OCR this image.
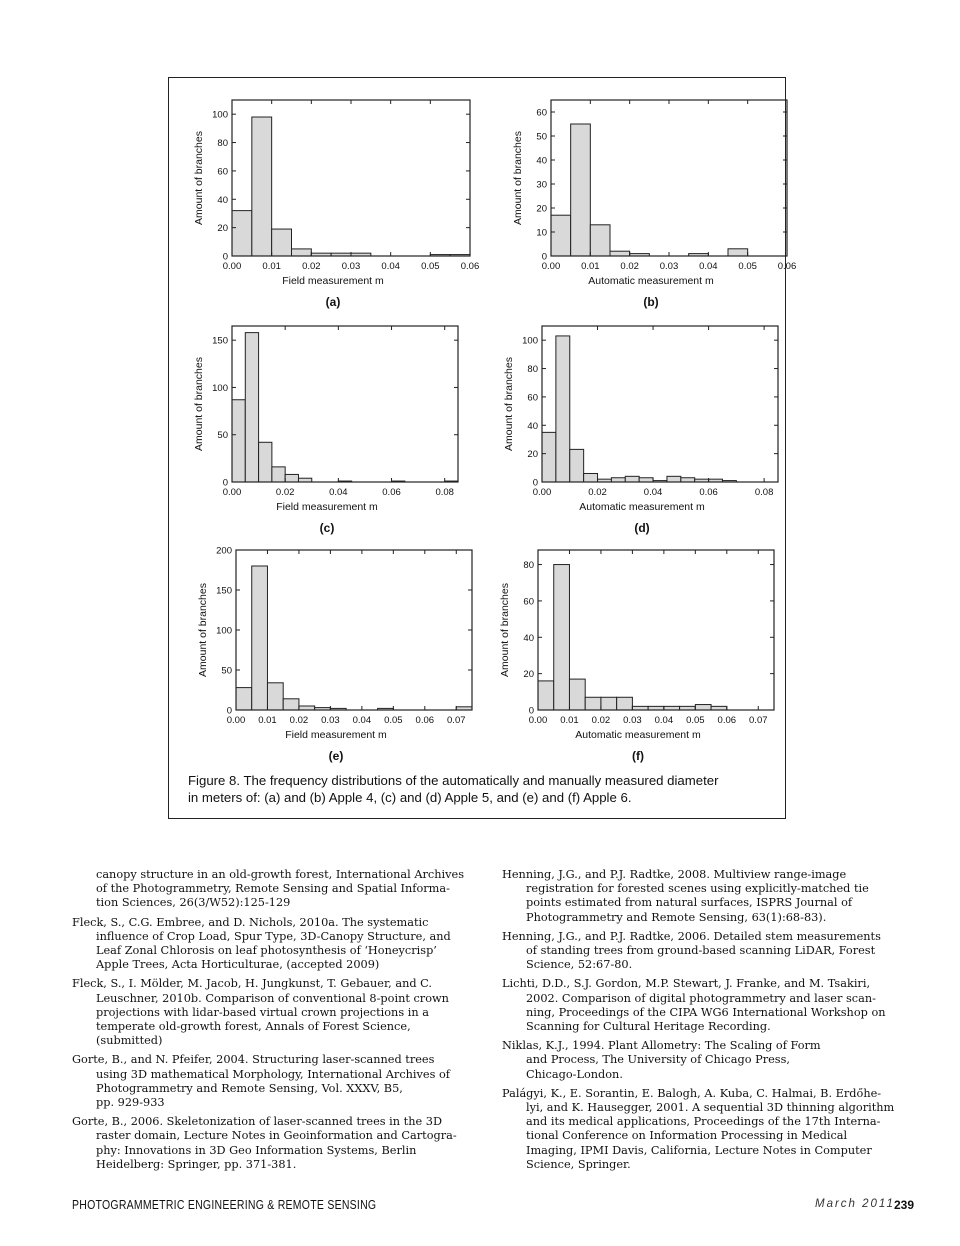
0.00 0.01 0.02 0.03 0.04 0.05 0.06
0
20
40
60
80
100
Field measurement m
Amount of branches
(a)
0.00 0.01 0.02 0.03 0.04 0.05 0.06
0
10
20
30
40
50
60
Automatic measurement m
Amount of branches
(b)
0.00	0.02	0.04	0.06	0.08
0
50
100
150
Field measurement m
Amount of branches
(c)
0.00	0.02	0.04	0.06	0.08
0
20
40
60
80
100
Automatic measurement m
Amount of branches
(d)
0.00 0.01 0.02 0.03 0.04 0.05 0.06 0.07
0
50
100
150
200
Field measurement m
Amount of branches
(e)
0.00 0.01 0.02 0.03 0.04 0.05 0.06 0.07
0
20
40
60
80
Automatic measurement m
Amount of branches
(f)
Figure 8. The frequency distributions of the automatically and manually measured diameter
in meters of: (a) and (b) Apple 4, (c) and (d) Apple 5, and (e) and (f) Apple 6.
canopy structure in an old-growth forest, International Archives
of the Photogrammetry, Remote Sensing and Spatial Informa-
tion Sciences, 26(3/W52):125-129
Fleck, S., C.G. Embree, and D. Nichols, 2010a. The systematic
influence of Crop Load, Spur Type, 3D-Canopy Structure, and
Leaf Zonal Chlorosis on leaf photosynthesis of ‘Honeycrisp’
Apple Trees, Acta Horticulturae, (accepted 2009)
Fleck, S., I. Mölder, M. Jacob, H. Jungkunst, T. Gebauer, and C.
Leuschner, 2010b. Comparison of conventional 8-point crown
projections with lidar-based virtual crown projections in a
temperate old-growth forest, Annals of Forest Science,
(submitted)
Gorte, B., and N. Pfeifer, 2004. Structuring laser-scanned trees
using 3D mathematical Morphology, International Archives of
Photogrammetry and Remote Sensing, Vol. XXXV, B5,
pp. 929-933
Gorte, B., 2006. Skeletonization of laser-scanned trees in the 3D
raster domain, Lecture Notes in Geoinformation and Cartogra-
phy: Innovations in 3D Geo Information Systems, Berlin
Heidelberg: Springer, pp. 371-381.
Henning, J.G., and P.J. Radtke, 2008. Multiview range-image
registration for forested scenes using explicitly-matched tie
points estimated from natural surfaces, ISPRS Journal of
Photogrammetry and Remote Sensing, 63(1):68-83).
Henning, J.G., and P.J. Radtke, 2006. Detailed stem measurements
of standing trees from ground-based scanning LiDAR, Forest
Science, 52:67-80.
Lichti, D.D., S.J. Gordon, M.P. Stewart, J. Franke, and M. Tsakiri,
2002. Comparison of digital photogrammetry and laser scan-
ning, Proceedings of the CIPA WG6 International Workshop on
Scanning for Cultural Heritage Recording.
Niklas, K.J., 1994. Plant Allometry: The Scaling of Form
and Process, The University of Chicago Press,
Chicago-London.
Palágyi, K., E. Sorantin, E. Balogh, A. Kuba, C. Halmai, B. Erdőhe-
lyi, and K. Hausegger, 2001. A sequential 3D thinning algorithm
and its medical applications, Proceedings of the 17th Interna-
tional Conference on Information Processing in Medical
Imaging, IPMI Davis, California, Lecture Notes in Computer
Science, Springer.
PHOTOGRAMMETRIC ENGINEERING & REMOTE SENSING	March 2011 239
